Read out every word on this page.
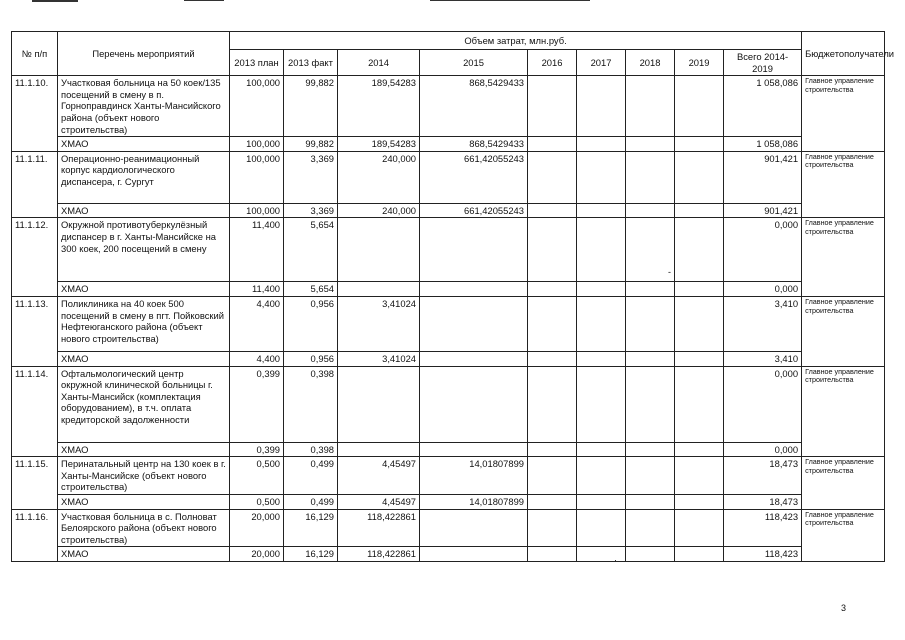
№ п/п	Перечень мероприятий	Объем затрат, млн.руб.									Бюджетополучатели
		2013 план	2013 факт	2014	2015	2016	2017	2018	2019	Всего 2014-2019	
11.1.10.	Участковая больница на 50 коек/135 посещений в смену в п. Горноправдинск Ханты-Мансийского района (объект нового строительства)	100,000	99,882	189,54283	868,5429433					1 058,086	Главное управление строительства
	ХМАО	100,000	99,882	189,54283	868,5429433					1 058,086	
11.1.11.	Операционно-реанимационный корпус кардиологического диспансера, г. Сургут	100,000	3,369	240,000	661,42055243					901,421	Главное управление строительства
	ХМАО	100,000	3,369	240,000	661,42055243					901,421	
11.1.12.	Окружной противотуберкулёзный диспансер в г. Ханты-Мансийске на 300 коек, 200 посещений в смену	11,400	5,654							0,000	Главное управление строительства
	ХМАО	11,400	5,654							0,000	
11.1.13.	Поликлиника на 40 коек 500 посещений в смену в пгт. Пойковский Нефтеюганского района (объект нового строительства)	4,400	0,956	3,41024						3,410	Главное управление строительства
	ХМАО	4,400	0,956	3,41024						3,410	
11.1.14.	Офтальмологический центр окружной клинической больницы г. Ханты-Мансийск (комплектация оборудованием), в т.ч. оплата кредиторской задолженности	0,399	0,398							0,000	Главное управление строительства
	ХМАО	0,399	0,398							0,000	
11.1.15.	Перинатальный центр на 130 коек в г. Ханты-Мансийске (объект нового строительства)	0,500	0,499	4,45497	14,01807899					18,473	Главное управление строительства
	ХМАО	0,500	0,499	4,45497	14,01807899					18,473	
11.1.16.	Участковая больница в с. Полноват Белоярского района (объект нового строительства)	20,000	16,129	118,422861						118,423	Главное управление строительства
	ХМАО	20,000	16,129	118,422861						118,423	
-
·
3
